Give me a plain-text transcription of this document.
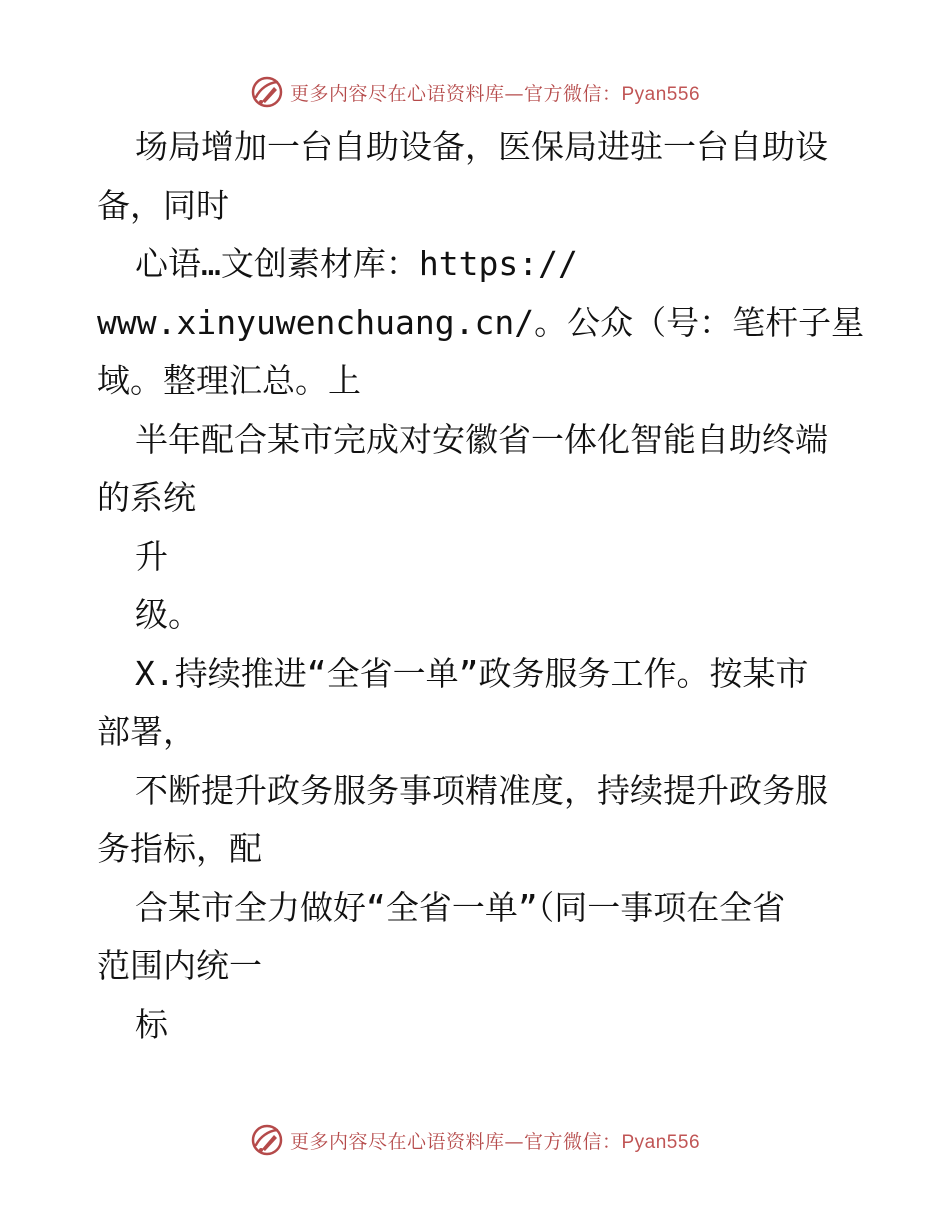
更多内容尽在心语资料库—官方微信：Pyan556
场局增加一台自助设备，医保局进驻一台自助设
备，同时
心语…文创素材库：https://
www.xinyuwenchuang.cn/。公众（号：笔杆子星
域。整理汇总。上
半年配合某市完成对安徽省一体化智能自助终端
的系统
升
级。
X.持续推进“全省一单”政务服务工作。按某市
部署，
不断提升政务服务事项精准度，持续提升政务服
务指标，配
合某市全力做好“全省一单”（同一事项在全省
范围内统一
标
更多内容尽在心语资料库—官方微信：Pyan556
